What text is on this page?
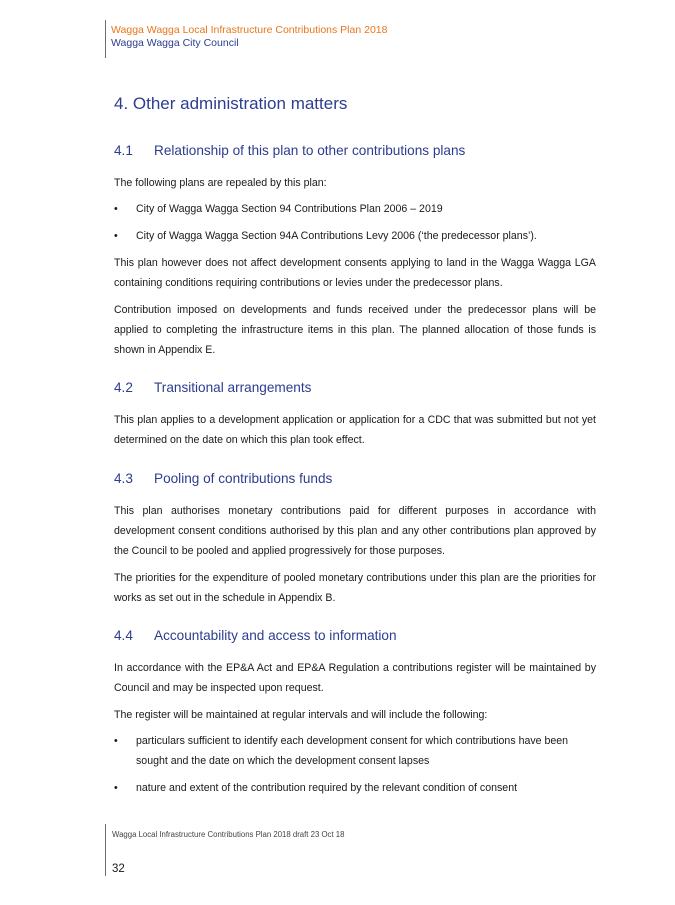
Wagga Wagga Local Infrastructure Contributions Plan 2018
Wagga Wagga City Council
4. Other administration matters
4.1	Relationship of this plan to other contributions plans

The following plans are repealed by this plan:

• City of Wagga Wagga Section 94 Contributions Plan 2006 – 2019
• City of Wagga Wagga Section 94A Contributions Levy 2006 (‘the predecessor plans’).

This plan however does not affect development consents applying to land in the Wagga Wagga LGA containing conditions requiring contributions or levies under the predecessor plans.

Contribution imposed on developments and funds received under the predecessor plans will be applied to completing the infrastructure items in this plan. The planned allocation of those funds is shown in Appendix E.

4.2	Transitional arrangements

This plan applies to a development application or application for a CDC that was submitted but not yet determined on the date on which this plan took effect.

4.3	Pooling of contributions funds

This plan authorises monetary contributions paid for different purposes in accordance with development consent conditions authorised by this plan and any other contributions plan approved by the Council to be pooled and applied progressively for those purposes.

The priorities for the expenditure of pooled monetary contributions under this plan are the priorities for works as set out in the schedule in Appendix B.

4.4	Accountability and access to information

In accordance with the EP&A Act and EP&A Regulation a contributions register will be maintained by Council and may be inspected upon request.

The register will be maintained at regular intervals and will include the following:

• particulars sufficient to identify each development consent for which contributions have been sought and the date on which the development consent lapses
• nature and extent of the contribution required by the relevant condition of consent
Wagga Local Infrastructure Contributions Plan 2018 draft 23 Oct 18
32
